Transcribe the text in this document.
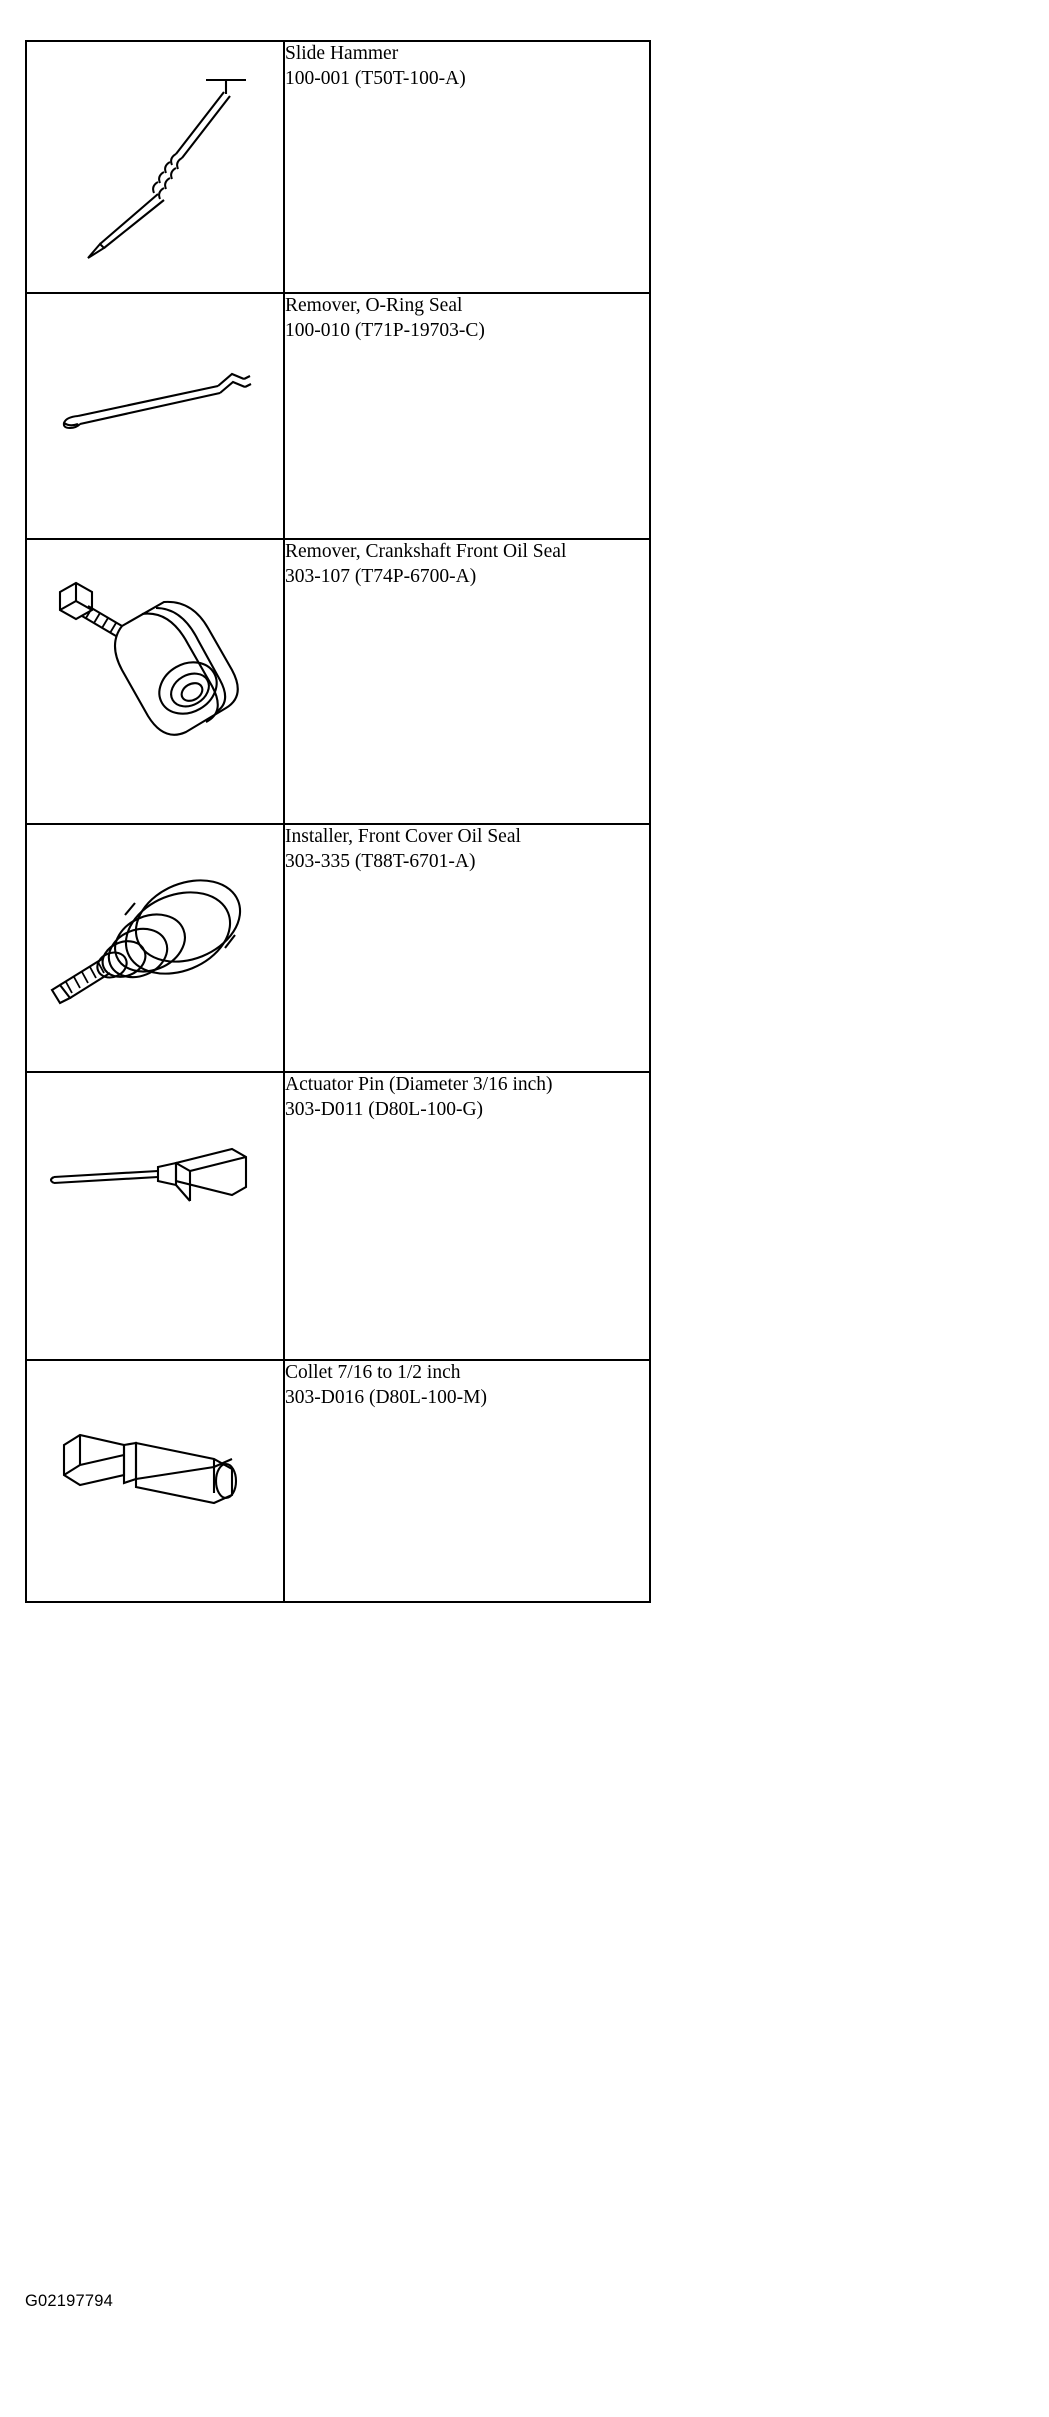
Slide Hammer
100-001 (T50T-100-A)

Remover, O-Ring Seal
100-010 (T71P-19703-C)

Remover, Crankshaft Front Oil Seal
303-107 (T74P-6700-A)

Installer, Front Cover Oil Seal
303-335 (T88T-6701-A)

Actuator Pin (Diameter 3/16 inch)
303-D011 (D80L-100-G)

Collet 7/16 to 1/2 inch
303-D016 (D80L-100-M)
G02197794
